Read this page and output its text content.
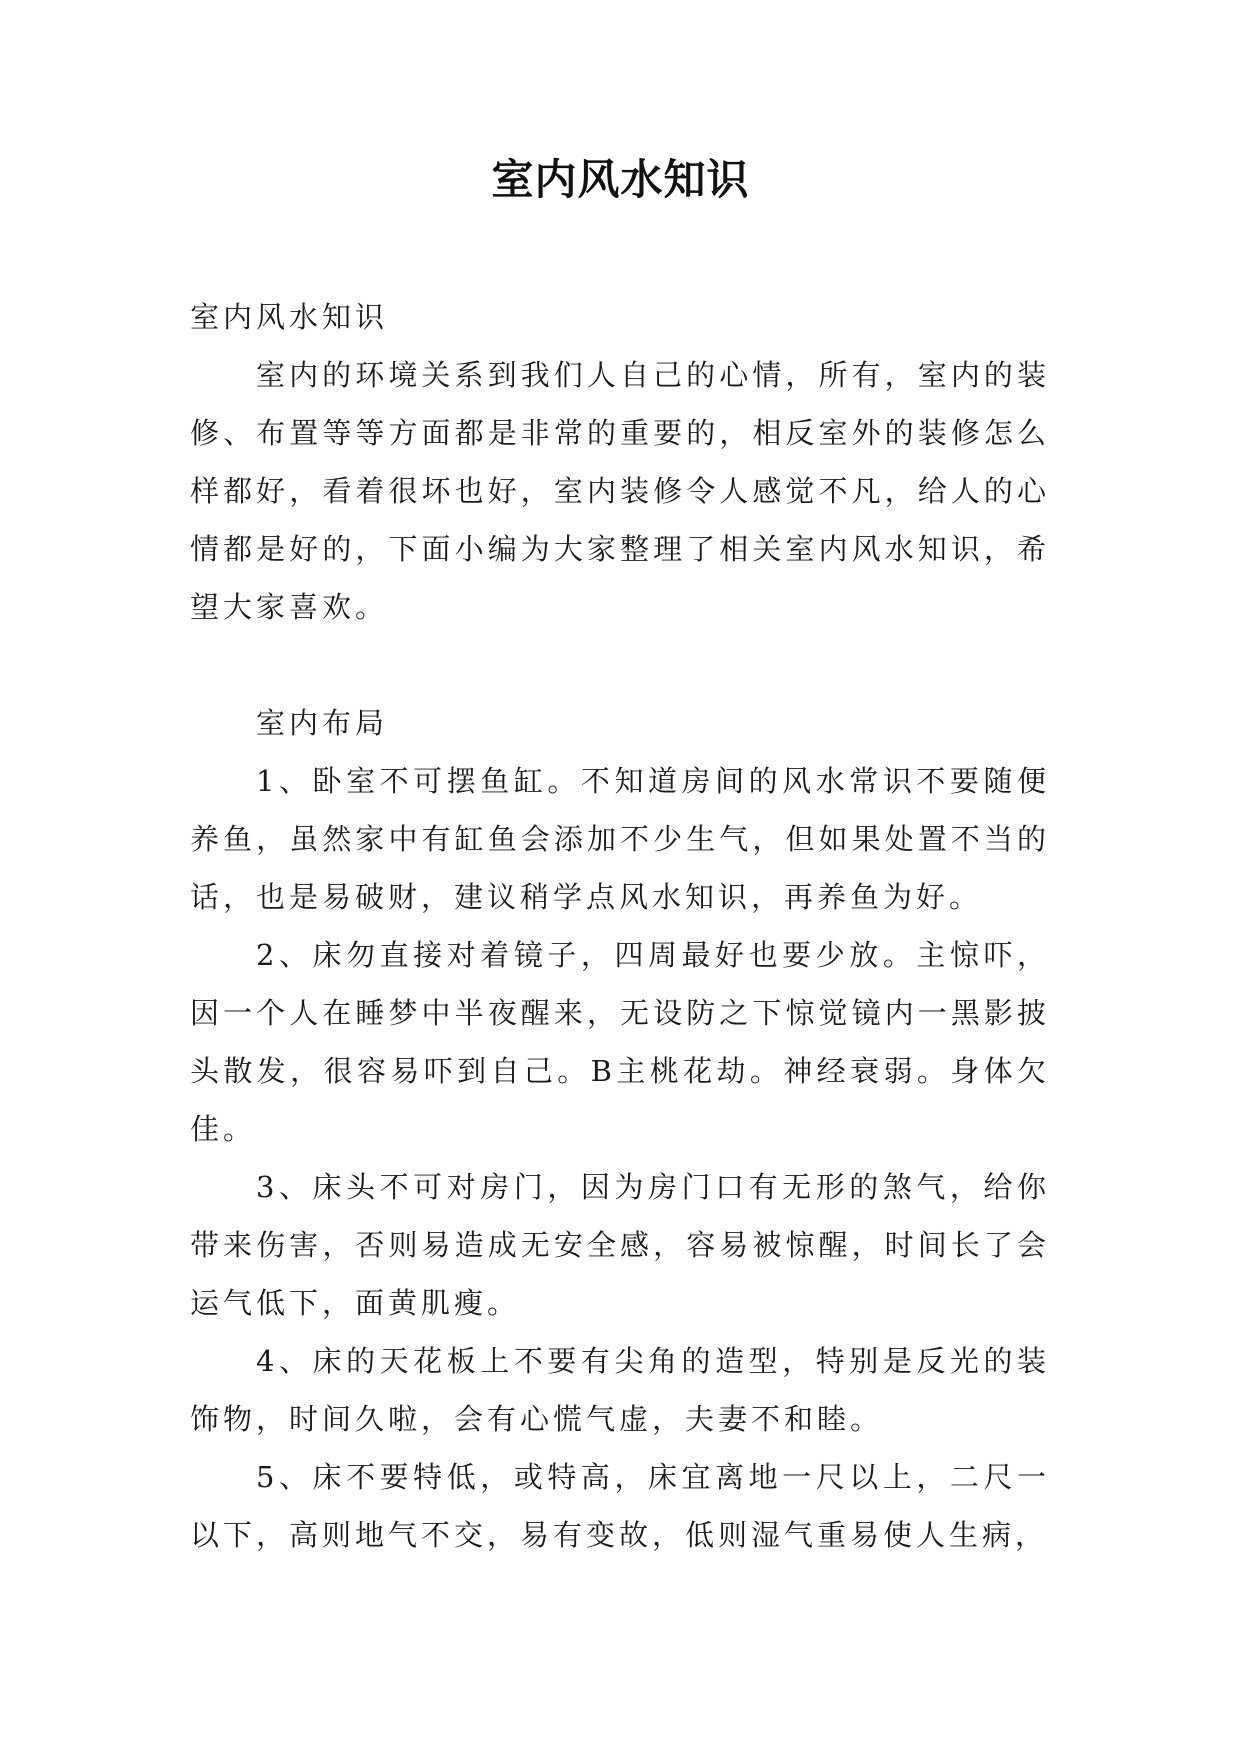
室内风水知识

室内风水知识

室内的环境关系到我们人自己的心情，所有，室内的装修、布置等等方面都是非常的重要的，相反室外的装修怎么样都好，看着很坏也好，室内装修令人感觉不凡，给人的心情都是好的，下面小编为大家整理了相关室内风水知识，希望大家喜欢。

室内布局

1、卧室不可摆鱼缸。不知道房间的风水常识不要随便养鱼，虽然家中有缸鱼会添加不少生气，但如果处置不当的话，也是易破财，建议稍学点风水知识，再养鱼为好。

2、床勿直接对着镜子，四周最好也要少放。主惊吓，因一个人在睡梦中半夜醒来，无设防之下惊觉镜内一黑影披头散发，很容易吓到自己。B主桃花劫。神经衰弱。身体欠佳。

3、床头不可对房门，因为房门口有无形的煞气，给你带来伤害，否则易造成无安全感，容易被惊醒，时间长了会运气低下，面黄肌瘦。

4、床的天花板上不要有尖角的造型，特别是反光的装饰物，时间久啦，会有心慌气虚，夫妻不和睦。

5、床不要特低，或特高，床宜离地一尺以上，二尺一以下，高则地气不交，易有变故，低则湿气重易使人生病，
